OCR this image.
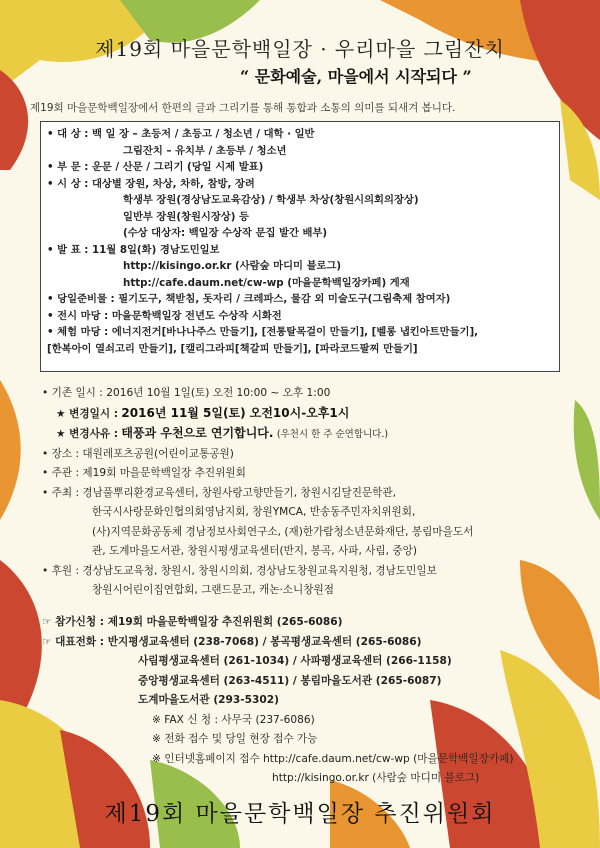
제19회 마을문학백일장 · 우리마을 그림잔치
“ 문화예술, 마을에서 시작되다 ”
제19회 마을문학백일장에서 한편의 글과 그리기를 통해 통합과 소통의 의미를 되새겨 봅니다.
• 대 상 : 백 일 장 – 초등저 / 초등고 / 청소년 / 대학 · 일반
그림잔치 – 유치부 / 초등부 / 청소년
• 부 문 : 운문 / 산문 / 그리기 (당일 시제 발표)
• 시 상 : 대상별 장원, 차상, 차하, 참방, 장려
학생부 장원(경상남도교육감상) / 학생부 차상(창원시의회의장상)
일반부 장원(창원시장상) 등
(수상 대상자: 백일장 수상작 문집 발간 배부)
• 발 표 : 11월 8일(화) 경남도민일보
http://kisingo.or.kr (사람숲 마디미 블로그)
http://cafe.daum.net/cw-wp (마을문학백일장카페) 게재
• 당일준비물 : 필기도구, 책받침, 돗자리 / 크레파스, 물감 외 미술도구(그림축제 참여자)
• 전시 마당 : 마을문학백일장 전년도 수상작 시화전
• 체험 마당 : 에너지전거[바나나주스 만들기], [전통탈목걸이 만들기], [벨롱 냅킨아트만들기],
[한복아이 열쇠고리 만들기], [캘리그라피[책갈피 만들기], [파라코드팔찌 만들기]
• 기존 일시 : 2016년 10월 1일(토) 오전 10:00 ~ 오후 1:00
★ 변경일시 : 2016년 11월 5일(토) 오전10시-오후1시
★ 변경사유 : 태풍과 우천으로 연기합니다. (우천시 한 주 순연합니다.)
• 장소 : 대원레포츠공원(어린이교통공원)
• 주관 : 제19회 마을문학백일장 추진위원회
• 주최 : 경남풀뿌리환경교육센터, 창원사랑고향만들기, 창원시김달진문학관,
한국시사랑문화인협의회영남지회, 창원YMCA, 반송동주민자치위원회,
(사)지역문화공동체 경남정보사회연구소, (재)한가람청소년문화재단, 봉림마을도서
관, 도계마을도서관, 창원시평생교육센터(반지, 봉곡, 사파, 사림, 중앙)
• 후원 : 경상남도교육청, 창원시, 창원시의회, 경상남도창원교육지원청, 경남도민일보
창원시어린이집연합회, 그랜드문고, 캐논·소니창원점
☞ 참가신청 : 제19회 마을문학백일장 추진위원회 (265-6086)
☞ 대표전화 : 반지평생교육센터 (238-7068) / 봉곡평생교육센터 (265-6086)
사림평생교육센터 (261-1034) / 사파평생교육센터 (266-1158)
중앙평생교육센터 (263-4511) / 봉림마을도서관 (265-6087)
도계마을도서관 (293-5302)
※ FAX 신 청 : 사무국 (237-6086)
※ 전화 접수 및 당일 현장 접수 가능
※ 인터넷홈페이지 접수 http://cafe.daum.net/cw-wp (마을문학백일장카페)
http://kisingo.or.kr (사람숲 마디미 블로그)
제19회 마을문학백일장 추진위원회
